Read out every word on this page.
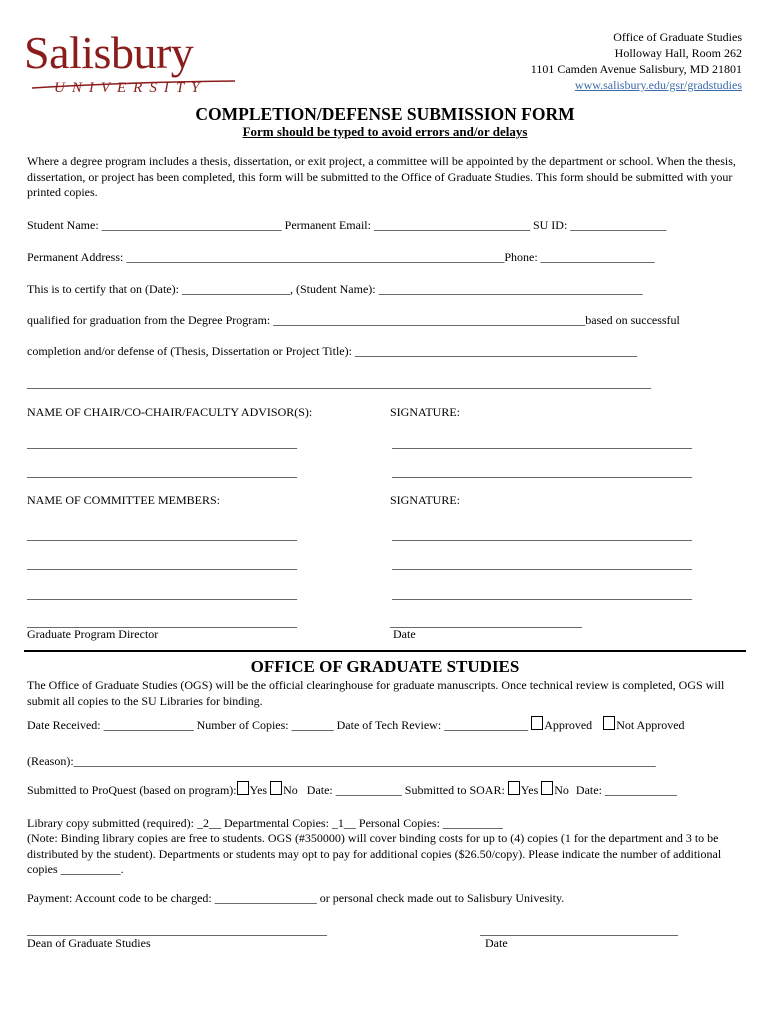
Salisbury
UNIVERSITY
Office of Graduate Studies
Holloway Hall, Room 262
1101 Camden Avenue Salisbury, MD 21801
www.salisbury.edu/gsr/gradstudies
COMPLETION/DEFENSE SUBMISSION FORM
Form should be typed to avoid errors and/or delays
Where a degree program includes a thesis, dissertation, or exit project, a committee will be appointed by the department or school. When the thesis, dissertation, or project has been completed, this form will be submitted to the Office of Graduate Studies. This form should be submitted with your printed copies.
Student Name: ______________________________ Permanent Email: __________________________ SU ID: ________________
Permanent Address: _______________________________________________________________Phone: ___________________
This is to certify that on (Date): __________________, (Student Name): ____________________________________________
qualified for graduation from the Degree Program: ____________________________________________________based on successful
completion and/or defense of (Thesis, Dissertation or Project Title): _______________________________________________
________________________________________________________________________________________________________
NAME OF CHAIR/CO-CHAIR/FACULTY ADVISOR(S):	SIGNATURE:
_____________________________________________	__________________________________________________
_____________________________________________	__________________________________________________
NAME OF COMMITTEE MEMBERS:	SIGNATURE:
_____________________________________________	__________________________________________________
_____________________________________________	__________________________________________________
_____________________________________________	__________________________________________________
_____________________________________________	________________________________
Graduate Program Director	Date
OFFICE OF GRADUATE STUDIES
The Office of Graduate Studies (OGS) will be the official clearinghouse for graduate manuscripts. Once technical review is completed, OGS will submit all copies to the SU Libraries for binding.
Date Received: _______________ Number of Copies: _______ Date of Tech Review: ______________ Approved Not Approved
(Reason):_________________________________________________________________________________________________
Submitted to ProQuest (based on program): Yes No Date: ___________ Submitted to SOAR: Yes No Date: ____________
Library copy submitted (required): _2__ Departmental Copies: _1__ Personal Copies: __________
(Note: Binding library copies are free to students. OGS (#350000) will cover binding costs for up to (4) copies (1 for the department and 3 to be distributed by the student). Departments or students may opt to pay for additional copies ($26.50/copy). Please indicate the number of additional copies __________.
Payment: Account code to be charged: _________________ or personal check made out to Salisbury Univesity.
__________________________________________________	_________________________________
Dean of Graduate Studies	Date
